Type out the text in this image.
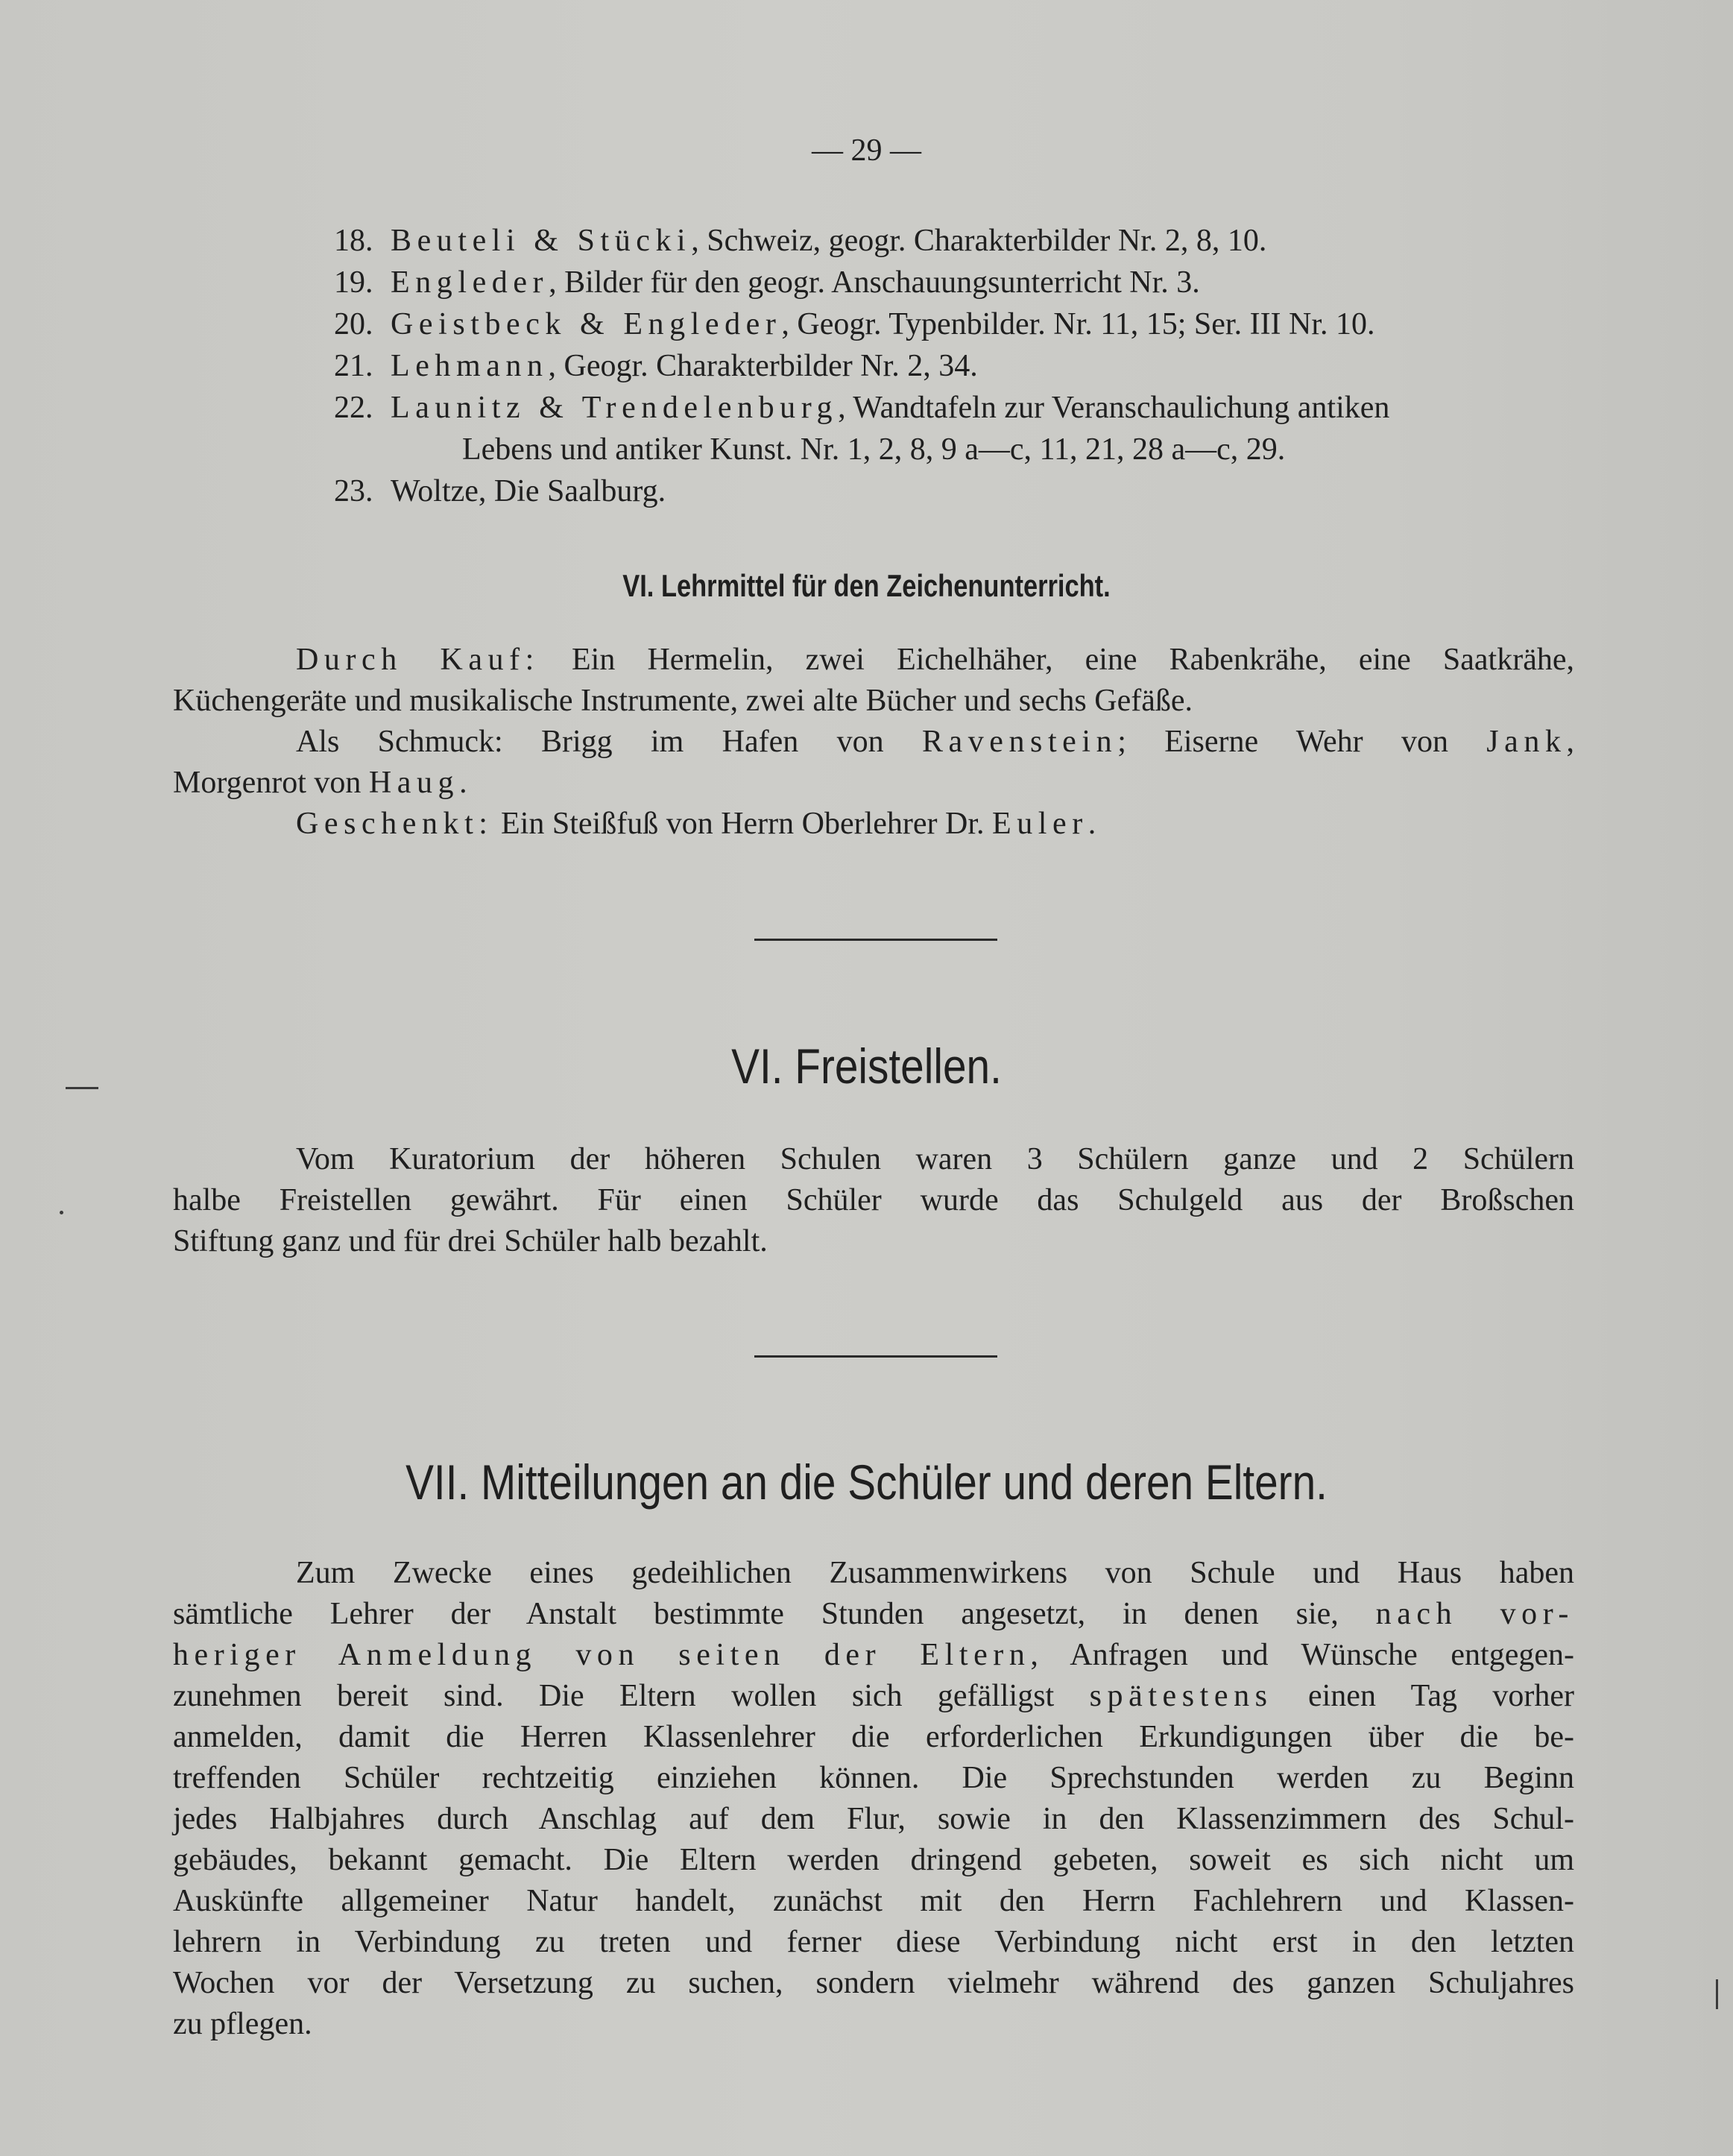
— 29 —
18. Beuteli & Stücki, Schweiz, geogr. Charakterbilder Nr. 2, 8, 10.
19. Engleder, Bilder für den geogr. Anschauungsunterricht Nr. 3.
20. Geistbeck & Engleder, Geogr. Typenbilder. Nr. 11, 15; Ser. III Nr. 10.
21. Lehmann, Geogr. Charakterbilder Nr. 2, 34.
22. Launitz & Trendelenburg, Wandtafeln zur Veranschaulichung antiken
Lebens und antiker Kunst. Nr. 1, 2, 8, 9 a—c, 11, 21, 28 a—c, 29.
23. Woltze, Die Saalburg.
VI. Lehrmittel für den Zeichenunterricht.
Durch Kauf: Ein Hermelin, zwei Eichelhäher, eine Rabenkrähe, eine Saatkrähe,
Küchengeräte und musikalische Instrumente, zwei alte Bücher und sechs Gefäße.
Als Schmuck: Brigg im Hafen von Ravenstein; Eiserne Wehr von Jank,
Morgenrot von Haug.
Geschenkt: Ein Steißfuß von Herrn Oberlehrer Dr. Euler.
VI. Freistellen.
Vom Kuratorium der höheren Schulen waren 3 Schülern ganze und 2 Schülern
halbe Freistellen gewährt. Für einen Schüler wurde das Schulgeld aus der Broßschen
Stiftung ganz und für drei Schüler halb bezahlt.
VII. Mitteilungen an die Schüler und deren Eltern.
Zum Zwecke eines gedeihlichen Zusammenwirkens von Schule und Haus haben
sämtliche Lehrer der Anstalt bestimmte Stunden angesetzt, in denen sie, nach vor-
heriger Anmeldung von seiten der Eltern, Anfragen und Wünsche entgegen-
zunehmen bereit sind. Die Eltern wollen sich gefälligst spätestens einen Tag vorher
anmelden, damit die Herren Klassenlehrer die erforderlichen Erkundigungen über die be-
treffenden Schüler rechtzeitig einziehen können. Die Sprechstunden werden zu Beginn
jedes Halbjahres durch Anschlag auf dem Flur, sowie in den Klassenzimmern des Schul-
gebäudes, bekannt gemacht. Die Eltern werden dringend gebeten, soweit es sich nicht um
Auskünfte allgemeiner Natur handelt, zunächst mit den Herrn Fachlehrern und Klassen-
lehrern in Verbindung zu treten und ferner diese Verbindung nicht erst in den letzten
Wochen vor der Versetzung zu suchen, sondern vielmehr während des ganzen Schuljahres
zu pflegen.
